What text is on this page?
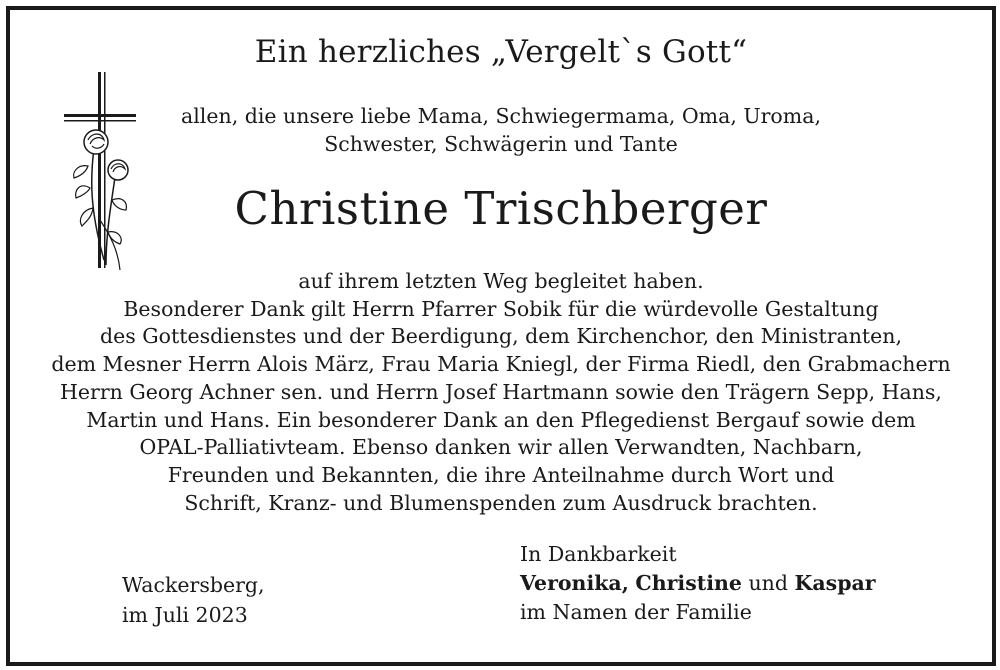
Ein herzliches „Vergelt`s Gott“
allen, die unsere liebe Mama, Schwiegermama, Oma, Uroma,
Schwester, Schwägerin und Tante
Christine Trischberger
auf ihrem letzten Weg begleitet haben.
Besonderer Dank gilt Herrn Pfarrer Sobik für die würdevolle Gestaltung
des Gottesdienstes und der Beerdigung, dem Kirchenchor, den Ministranten,
dem Mesner Herrn Alois März, Frau Maria Kniegl, der Firma Riedl, den Grabmachern
Herrn Georg Achner sen. und Herrn Josef Hartmann sowie den Trägern Sepp, Hans,
Martin und Hans. Ein besonderer Dank an den Pflegedienst Bergauf sowie dem
OPAL-Palliativteam. Ebenso danken wir allen Verwandten, Nachbarn,
Freunden und Bekannten, die ihre Anteilnahme durch Wort und
Schrift, Kranz- und Blumenspenden zum Ausdruck brachten.
Wackersberg,
im Juli 2023
In Dankbarkeit
Veronika, Christine und Kaspar
im Namen der Familie
